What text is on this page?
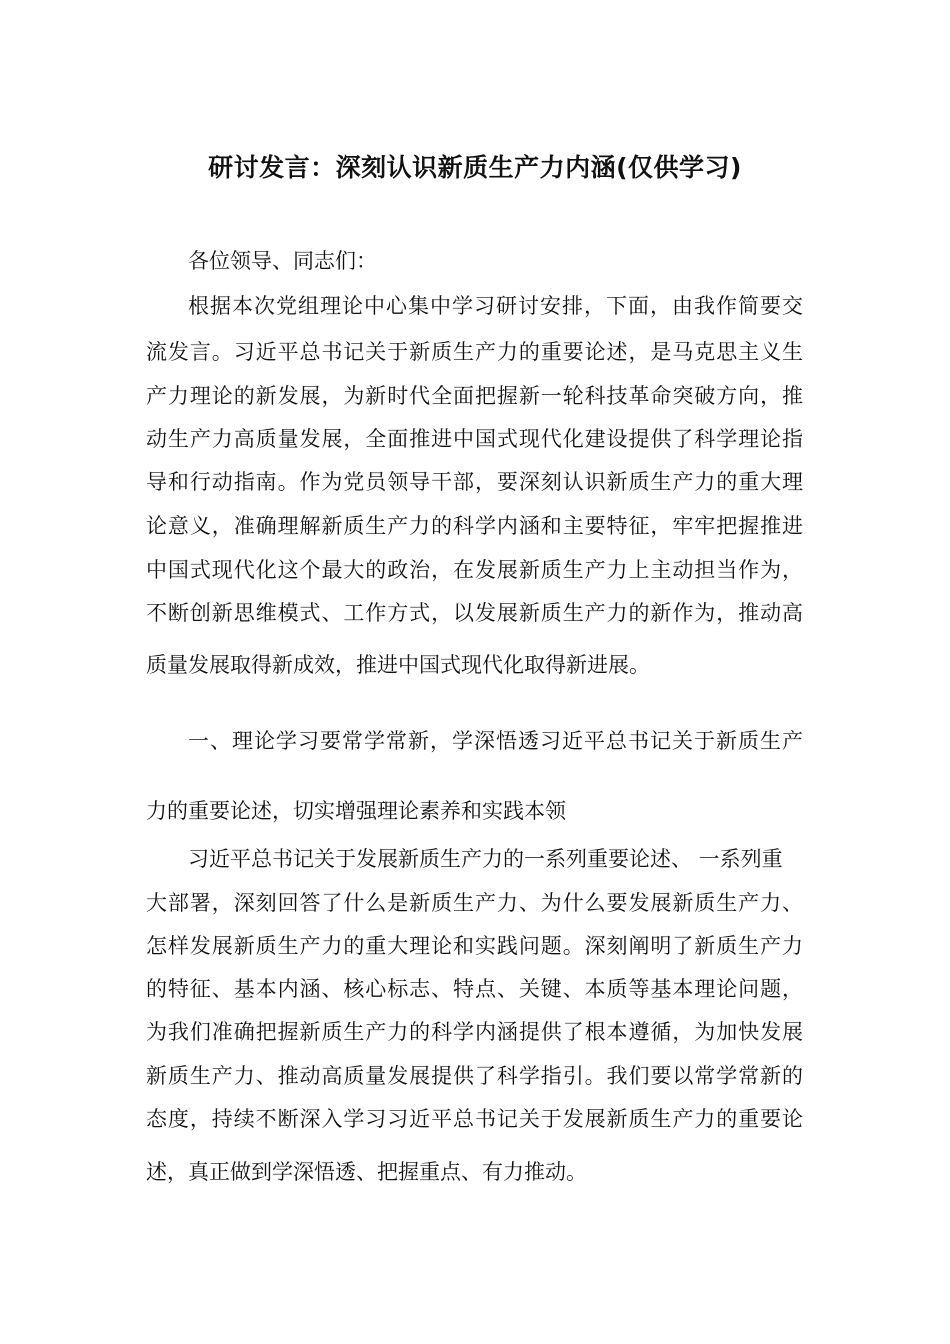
研讨发言：深刻认识新质生产力内涵(仅供学习)
各位领导、同志们：
根据本次党组理论中心集中学习研讨安排，下面，由我作简要交
流发言。习近平总书记关于新质生产力的重要论述，是马克思主义生
产力理论的新发展，为新时代全面把握新一轮科技革命突破方向，推
动生产力高质量发展，全面推进中国式现代化建设提供了科学理论指
导和行动指南。作为党员领导干部，要深刻认识新质生产力的重大理
论意义，准确理解新质生产力的科学内涵和主要特征，牢牢把握推进
中国式现代化这个最大的政治，在发展新质生产力上主动担当作为，
不断创新思维模式、工作方式，以发展新质生产力的新作为，推动高
质量发展取得新成效，推进中国式现代化取得新进展。
一、理论学习要常学常新，学深悟透习近平总书记关于新质生产
力的重要论述，切实增强理论素养和实践本领
习近平总书记关于发展新质生产力的一系列重要论述、 一系列重
大部署，深刻回答了什么是新质生产力、为什么要发展新质生产力、
怎样发展新质生产力的重大理论和实践问题。深刻阐明了新质生产力
的特征、基本内涵、核心标志、特点、关键、本质等基本理论问题，
为我们准确把握新质生产力的科学内涵提供了根本遵循，为加快发展
新质生产力、推动高质量发展提供了科学指引。我们要以常学常新的
态度，持续不断深入学习习近平总书记关于发展新质生产力的重要论
述，真正做到学深悟透、把握重点、有力推动。
